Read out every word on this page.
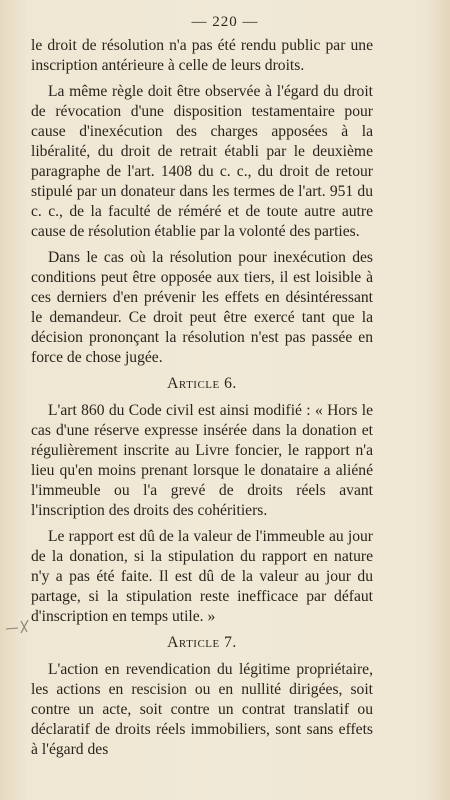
— 220 —

le droit de résolution n'a pas été rendu public par une inscription antérieure à celle de leurs droits.

La même règle doit être observée à l'égard du droit de révocation d'une disposition testamentaire pour cause d'inexécution des charges apposées à la libéralité, du droit de retrait établi par le deuxième paragraphe de l'art. 1408 du c. c., du droit de retour stipulé par un donateur dans les termes de l'art. 951 du c. c., de la faculté de réméré et de toute autre autre cause de résolution établie par la volonté des parties.

Dans le cas où la résolution pour inexécution des conditions peut être opposée aux tiers, il est loisible à ces derniers d'en prévenir les effets en désintéressant le demandeur. Ce droit peut être exercé tant que la décision prononçant la résolution n'est pas passée en force de chose jugée.

Article 6.

L'art 860 du Code civil est ainsi modifié : « Hors le cas d'une réserve expresse insérée dans la donation et régulièrement inscrite au Livre foncier, le rapport n'a lieu qu'en moins prenant lorsque le donataire a aliéné l'immeuble ou l'a grevé de droits réels avant l'inscription des droits des cohéritiers.

Le rapport est dû de la valeur de l'immeuble au jour de la donation, si la stipulation du rapport en nature n'y a pas été faite. Il est dû de la valeur au jour du partage, si la stipulation reste inefficace par défaut d'inscription en temps utile. »

Article 7.

L'action en revendication du légitime propriétaire, les actions en rescision ou en nullité dirigées, soit contre un acte, soit contre un contrat translatif ou déclaratif de droits réels immobiliers, sont sans effets à l'égard des
